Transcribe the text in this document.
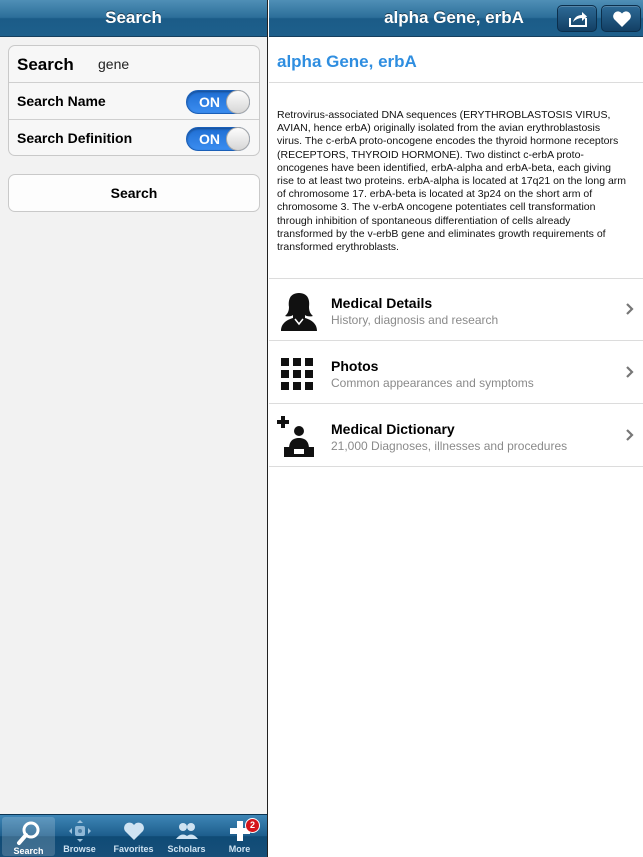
Search
Search gene
Search Name	ON
Search Definition	ON
Search
Search	Browse	Favorites	Scholars	More
2
alpha Gene, erbA
alpha Gene, erbA
Retrovirus-associated DNA sequences (ERYTHROBLASTOSIS VIRUS, AVIAN, hence erbA) originally isolated from the avian erythroblastosis virus. The c-erbA proto-oncogene encodes the thyroid hormone receptors (RECEPTORS, THYROID HORMONE). Two distinct c-erbA proto-oncogenes have been identified, erbA-alpha and erbA-beta, each giving rise to at least two proteins. erbA-alpha is located at 17q21 on the long arm of chromosome 17. erbA-beta is located at 3p24 on the short arm of chromosome 3. The v-erbA oncogene potentiates cell transformation through inhibition of spontaneous differentiation of cells already transformed by the v-erbB gene and eliminates growth requirements of transformed erythroblasts.
Medical Details
History, diagnosis and research
Photos
Common appearances and symptoms
Medical Dictionary
21,000 Diagnoses, illnesses and procedures
